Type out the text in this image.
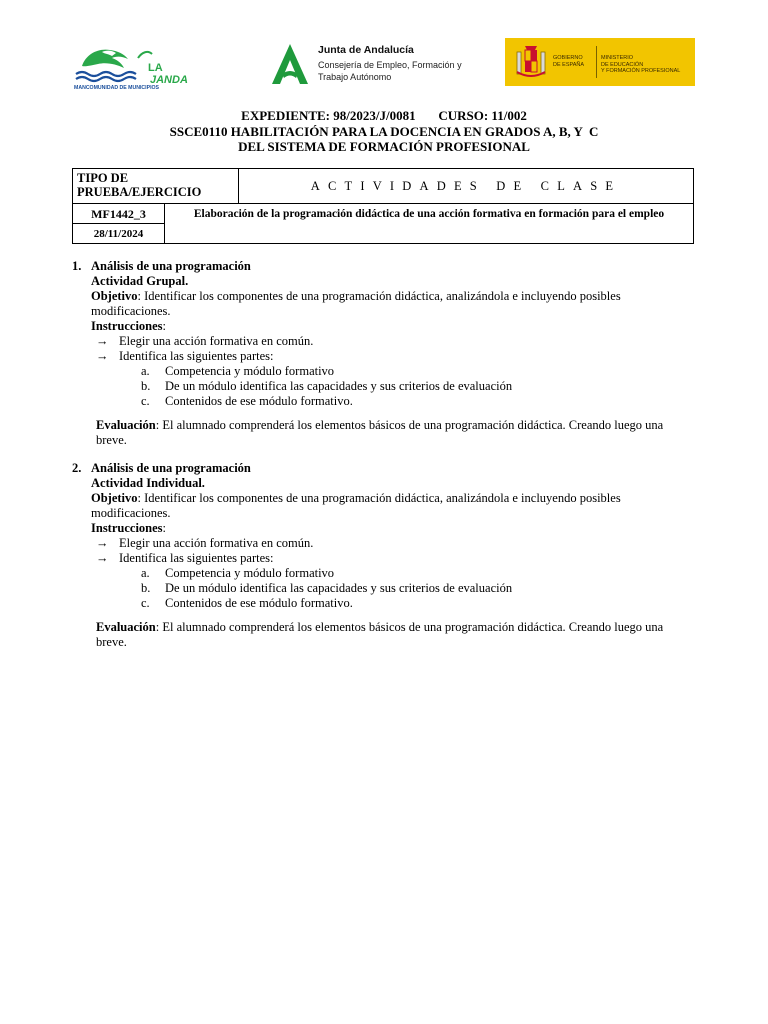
LA
JANDA
MANCOMUNIDAD DE MUNICIPIOS
Junta de Andalucía
Consejería de Empleo, Formación y Trabajo Autónomo
GOBIERNO
DE ESPAÑA
MINISTERIO
DE EDUCACIÓN
Y FORMACIÓN PROFESIONAL
EXPEDIENTE: 98/2023/J/0081       CURSO: 11/002
SSCE0110 HABILITACIÓN PARA LA DOCENCIA EN GRADOS A, B, Y  C
DEL SISTEMA DE FORMACIÓN PROFESIONAL
TIPO DE PRUEBA/EJERCICIO	ACTIVIDADES DE CLASE
MF1442_3
28/11/2024
Elaboración de la programación didáctica de una acción formativa en formación para el empleo
1. Análisis de una programación
Actividad Grupal.
Objetivo: Identificar los componentes de una programación didáctica, analizándola e incluyendo posibles modificaciones.
Instrucciones:
→ Elegir una acción formativa en común.
→ Identifica las siguientes partes:
a. Competencia y módulo formativo
b. De un módulo identifica las capacidades y sus criterios de evaluación
c. Contenidos de ese módulo formativo.
Evaluación: El alumnado comprenderá los elementos básicos de una programación didáctica. Creando luego una breve.
2. Análisis de una programación
Actividad Individual.
Objetivo: Identificar los componentes de una programación didáctica, analizándola e incluyendo posibles modificaciones.
Instrucciones:
→ Elegir una acción formativa en común.
→ Identifica las siguientes partes:
a. Competencia y módulo formativo
b. De un módulo identifica las capacidades y sus criterios de evaluación
c. Contenidos de ese módulo formativo.
Evaluación: El alumnado comprenderá los elementos básicos de una programación didáctica. Creando luego una breve.
